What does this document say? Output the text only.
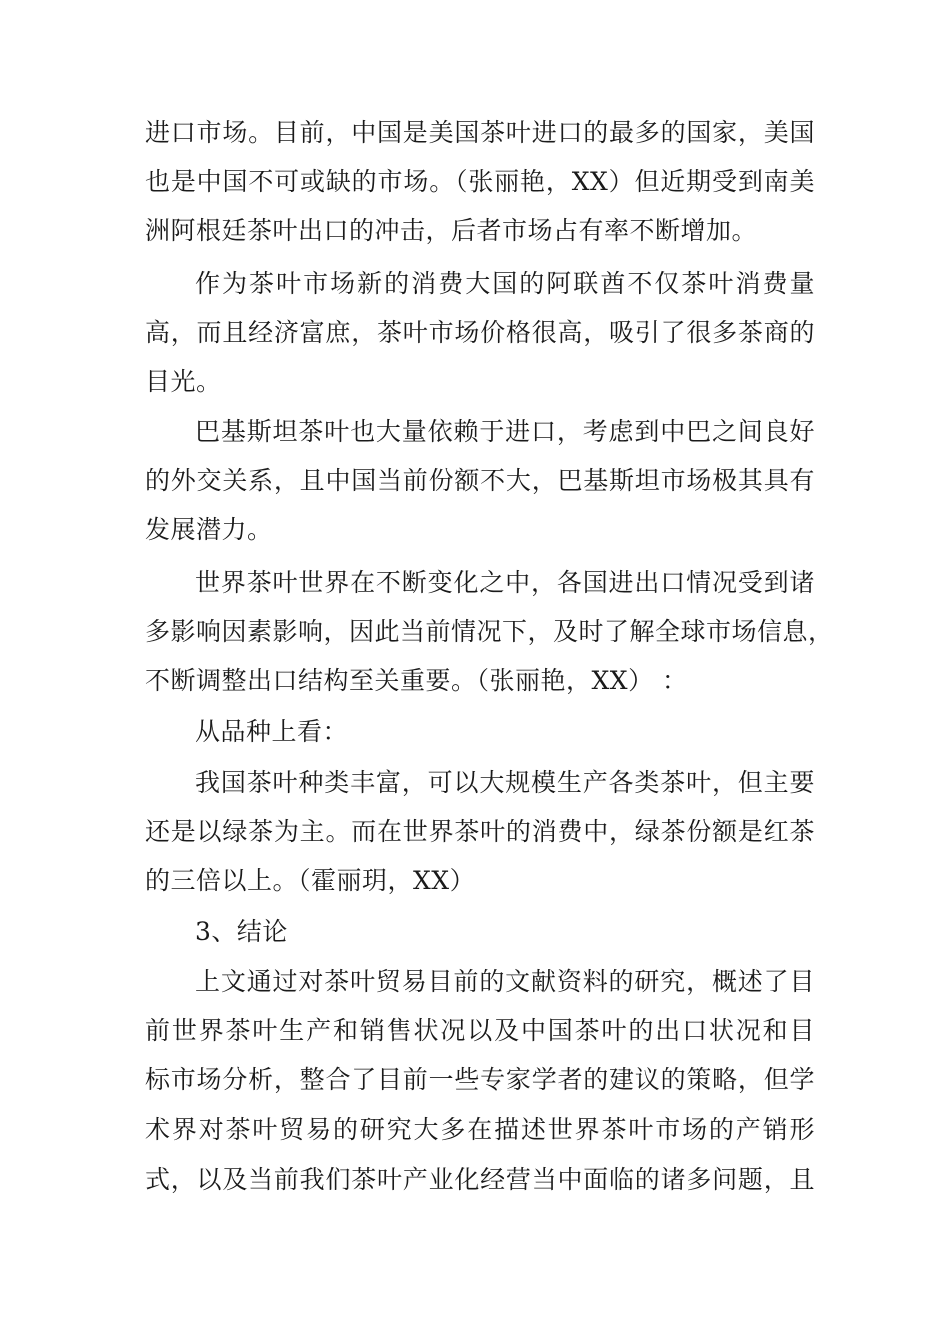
进口市场。目前，中国是美国茶叶进口的最多的国家，美国
也是中国不可或缺的市场。（张丽艳，XX）但近期受到南美
洲阿根廷茶叶出口的冲击，后者市场占有率不断增加。
作为茶叶市场新的消费大国的阿联酋不仅茶叶消费量
高，而且经济富庶，茶叶市场价格很高，吸引了很多茶商的
目光。
巴基斯坦茶叶也大量依赖于进口，考虑到中巴之间良好
的外交关系，且中国当前份额不大，巴基斯坦市场极其具有
发展潜力。
世界茶叶世界在不断变化之中，各国进出口情况受到诸
多影响因素影响，因此当前情况下，及时了解全球市场信息，
不断调整出口结构至关重要。（张丽艳，XX） ：
从品种上看：
我国茶叶种类丰富，可以大规模生产各类茶叶，但主要
还是以绿茶为主。而在世界茶叶的消费中，绿茶份额是红茶
的三倍以上。（霍丽玥，XX）
3、结论
上文通过对茶叶贸易目前的文献资料的研究，概述了目
前世界茶叶生产和销售状况以及中国茶叶的出口状况和目
标市场分析，整合了目前一些专家学者的建议的策略，但学
术界对茶叶贸易的研究大多在描述世界茶叶市场的产销形
式，以及当前我们茶叶产业化经营当中面临的诸多问题，且
